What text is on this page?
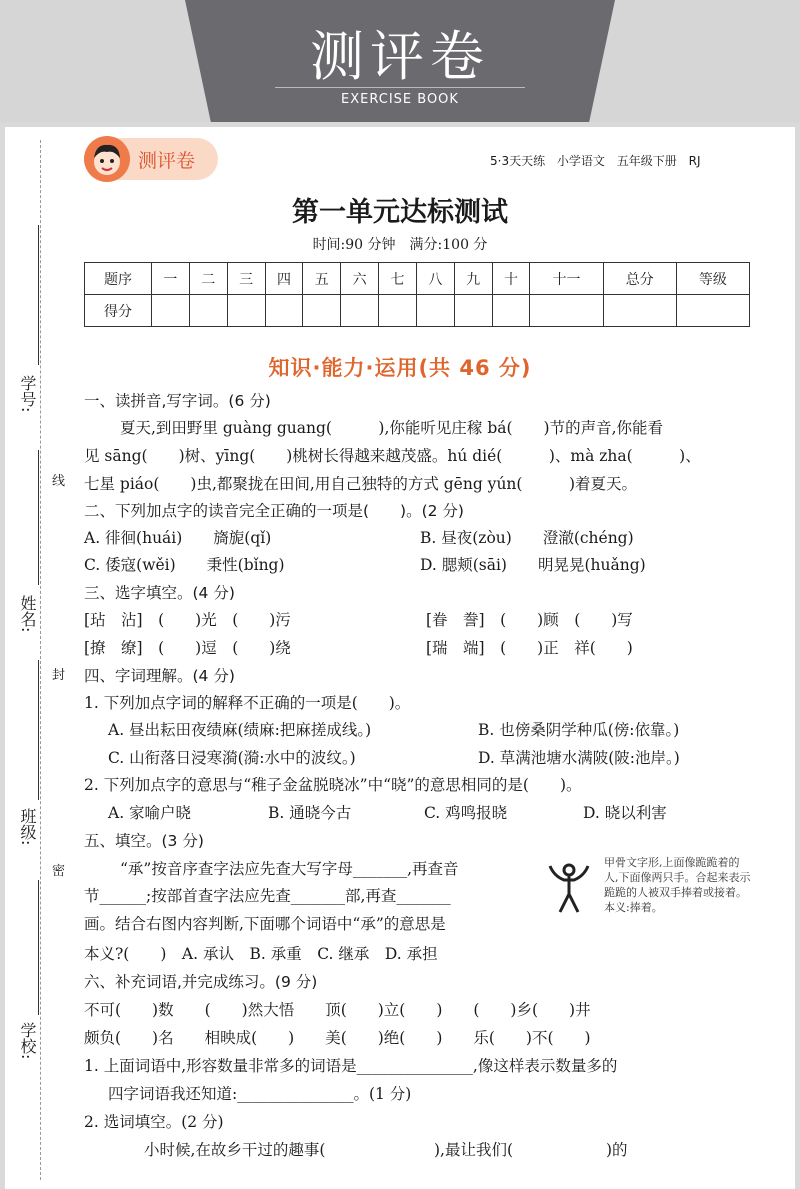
测评卷
EXERCISE BOOK
学号:
姓名:
班级:
学校:
线
封
密
测评卷	5·3天天练 小学语文 五年级下册 RJ
第一单元达标测试
时间:90 分钟　满分:100 分
题序	一	二	三	四	五	六	七	八	九	十	十一	总分	等级
得分													
知识·能力·运用(共 46 分)
一、读拼音,写字词。(6 分)
夏天,到田野里 guàng guang(　　　),你能听见庄稼 bá(　　)节的声音,你能看
见 sāng(　　)树、yīng(　　)桃树长得越来越茂盛。hú dié(　　　)、mà zha(　　　)、
七星 piáo(　　)虫,都聚拢在田间,用自己独特的方式 gēng yún(　　　)着夏天。
二、下列加点字的读音完全正确的一项是(　　)。(2 分)
A. 徘徊(huái)　　旖旎(qǐ)	B. 昼夜(zòu)　　澄澈(chéng)
C. 倭寇(wěi)　　秉性(bǐng)	D. 腮颊(sāi)　　明晃晃(huǎng)
三、选字填空。(4 分)
[玷　沾]　(　　)光　(　　)污	[眷　誊]　(　　)顾　(　　)写
[撩　缭]　(　　)逗　(　　)绕	[瑞　端]　(　　)正　祥(　　)
四、字词理解。(4 分)
1. 下列加点字词的解释不正确的一项是(　　)。
A. 昼出耘田夜绩麻(绩麻:把麻搓成线。)	B. 也傍桑阴学种瓜(傍:依靠。)
C. 山衔落日浸寒漪(漪:水中的波纹。)	D. 草满池塘水满陂(陂:池岸。)
2. 下列加点字的意思与“稚子金盆脱晓冰”中“晓”的意思相同的是(　　)。
A. 家喻户晓	B. 通晓今古	C. 鸡鸣报晓	D. 晓以利害
五、填空。(3 分)
“承”按音序查字法应先查大写字母_______,再查音
节______;按部首查字法应先查_______部,再查_______
画。结合右图内容判断,下面哪个词语中“承”的意思是
本义?(　　)　A. 承认　B. 承重　C. 继承　D. 承担
甲骨文字形,上面像跪跪着的人,下面像两只手。合起来表示跪跪的人被双手捧着或接着。本义:捧着。
六、补充词语,并完成练习。(9 分)
不可(　　)数　　(　　)然大悟　　顶(　　)立(　　)　　(　　)乡(　　)井
颇负(　　)名　　相映成(　　)　　美(　　)绝(　　)　　乐(　　)不(　　)
1. 上面词语中,形容数量非常多的词语是_______________,像这样表示数量多的
四字词语我还知道:_______________。(1 分)
2. 选词填空。(2 分)
小时候,在故乡干过的趣事(　　　　　　　),最让我们(　　　　　　)的
